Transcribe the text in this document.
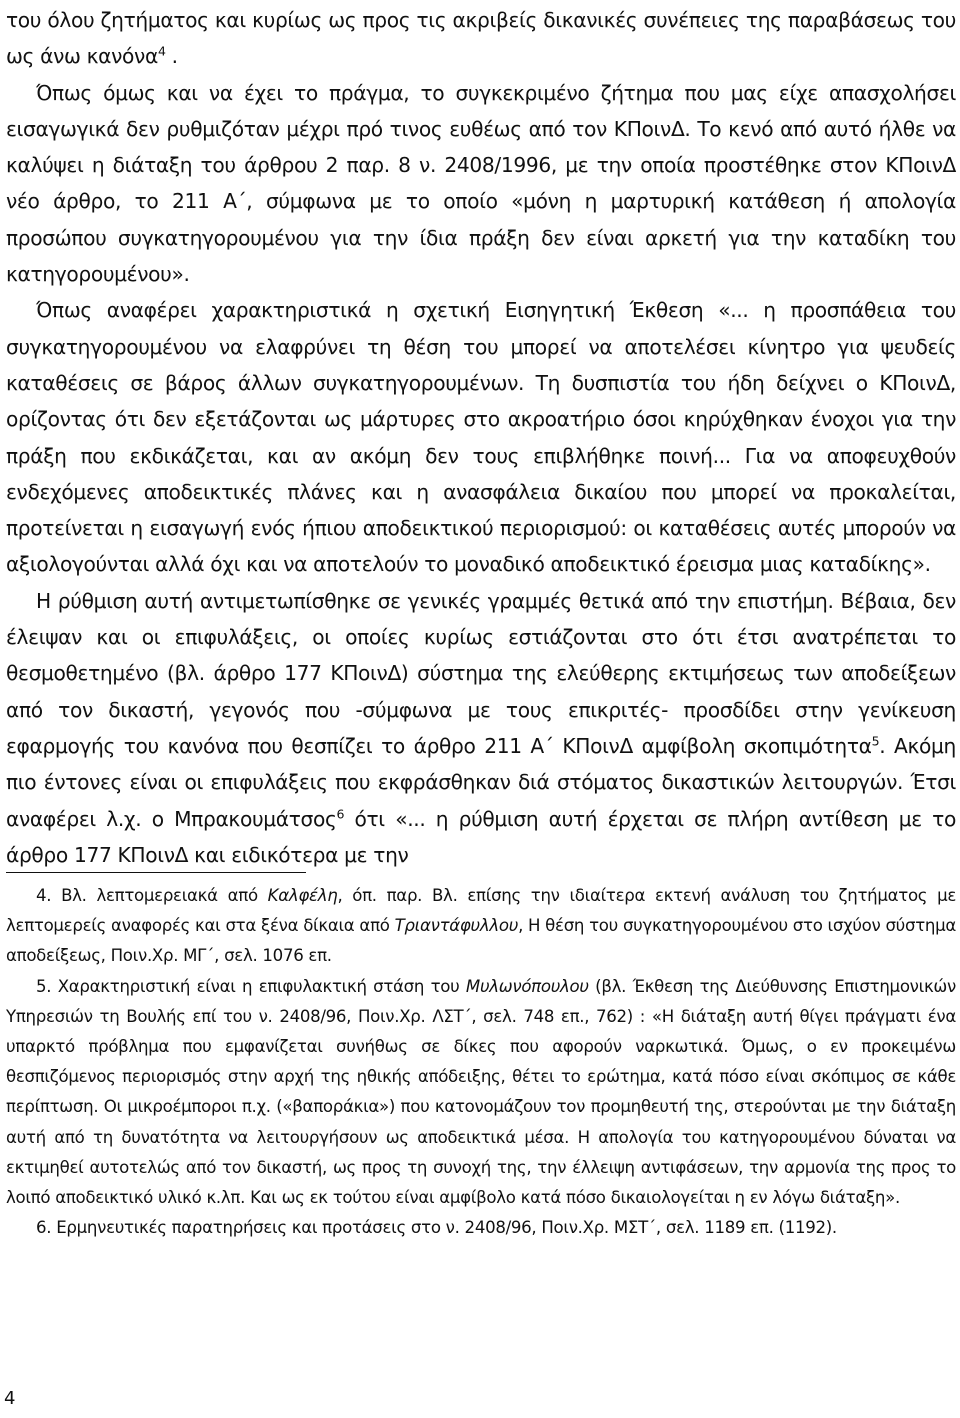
του όλου ζητήματος και κυρίως ως προς τις ακριβείς δικανικές συνέπειες της παραβάσεως του ως άνω κανόνα$^4$ .

Όπως όμως και να έχει το πράγμα, το συγκεκριμένο ζήτημα που μας είχε απασχολήσει εισαγωγικά δεν ρυθμιζόταν μέχρι πρό τινος ευθέως από τον ΚΠοινΔ. Το κενό από αυτό ήλθε να καλύψει η διάταξη του άρθρου 2 παρ. 8 ν. 2408/1996, με την οποία προστέθηκε στον ΚΠοινΔ νέο άρθρο, το 211 Α΄, σύμφωνα με το οποίο «μόνη η μαρτυρική κατάθεση ή απολογία προσώπου συγκατηγορουμένου για την ίδια πράξη δεν είναι αρκετή για την καταδίκη του κατηγορουμένου».

Όπως αναφέρει χαρακτηριστικά η σχετική Εισηγητική Έκθεση «... η προσπάθεια του συγκατηγορουμένου να ελαφρύνει τη θέση του μπορεί να αποτελέσει κίνητρο για ψευδείς καταθέσεις σε βάρος άλλων συγκατηγορουμένων. Τη δυσπιστία του ήδη δείχνει ο ΚΠοινΔ, ορίζοντας ότι δεν εξετάζονται ως μάρτυρες στο ακροατήριο όσοι κηρύχθηκαν ένοχοι για την πράξη που εκδικάζεται, και αν ακόμη δεν τους επιβλήθηκε ποινή... Για να αποφευχθούν ενδεχόμενες αποδεικτικές πλάνες και η ανασφάλεια δικαίου που μπορεί να προκαλείται, προτείνεται η εισαγωγή ενός ήπιου αποδεικτικού περιορισμού: οι καταθέσεις αυτές μπορούν να αξιολογούνται αλλά όχι και να αποτελούν το μοναδικό αποδεικτικό έρεισμα μιας καταδίκης».

Η ρύθμιση αυτή αντιμετωπίσθηκε σε γενικές γραμμές θετικά από την επιστήμη. Βέβαια, δεν έλειψαν και οι επιφυλάξεις, οι οποίες κυρίως εστιάζονται στο ότι έτσι ανατρέπεται το θεσμοθετημένο (βλ. άρθρο 177 ΚΠοινΔ) σύστημα της ελεύθερης εκτιμήσεως των αποδείξεων από τον δικαστή, γεγονός που -σύμφωνα με τους επικριτές- προσδίδει στην γενίκευση εφαρμογής του κανόνα που θεσπίζει το άρθρο 211 Α΄ ΚΠοινΔ αμφίβολη σκοπιμότητα$^5$. Ακόμη πιο έντονες είναι οι επιφυλάξεις που εκφράσθηκαν διά στόματος δικαστικών λειτουργών. Έτσι αναφέρει λ.χ. ο Μπρακουμάτσος$^6$ ότι «... η ρύθμιση αυτή έρχεται σε πλήρη αντίθεση με το άρθρο 177 ΚΠοινΔ και ειδικότερα με την

4. Βλ. λεπτομερειακά από Καλφέλη, όπ. παρ. Βλ. επίσης την ιδιαίτερα εκτενή ανάλυση του ζητήματος με λεπτομερείς αναφορές και στα ξένα δίκαια από Τριαντάφυλλου, Η θέση του συγκατηγορουμένου στο ισχύον σύστημα αποδείξεως, Ποιν.Χρ. ΜΓ΄, σελ. 1076 επ.

5. Χαρακτηριστική είναι η επιφυλακτική στάση του Μυλωνόπουλου (βλ. Έκθεση της Διεύθυνσης Επιστημονικών Υπηρεσιών τη Βουλής επί του ν. 2408/96, Ποιν.Χρ. ΛΣΤ΄, σελ. 748 επ., 762) : «Η διάταξη αυτή θίγει πράγματι ένα υπαρκτό πρόβλημα που εμφανίζεται συνήθως σε δίκες που αφορούν ναρκωτικά. Όμως, ο εν προκειμένω θεσπιζόμενος περιορισμός στην αρχή της ηθικής απόδειξης, θέτει το ερώτημα, κατά πόσο είναι σκόπιμος σε κάθε περίπτωση. Οι μικροέμποροι π.χ. («βαποράκια») που κατονομάζουν τον προμηθευτή της, στερούνται με την διάταξη αυτή από τη δυνατότητα να λειτουργήσουν ως αποδεικτικά μέσα. Η απολογία του κατηγορουμένου δύναται να εκτιμηθεί αυτοτελώς από τον δικαστή, ως προς τη συνοχή της, την έλλειψη αντιφάσεων, την αρμονία της προς το λοιπό αποδεικτικό υλικό κ.λπ. Και ως εκ τούτου είναι αμφίβολο κατά πόσο δικαιολογείται η εν λόγω διάταξη».

6. Ερμηνευτικές παρατηρήσεις και προτάσεις στο ν. 2408/96, Ποιν.Χρ. ΜΣΤ΄, σελ. 1189 επ. (1192).

4
